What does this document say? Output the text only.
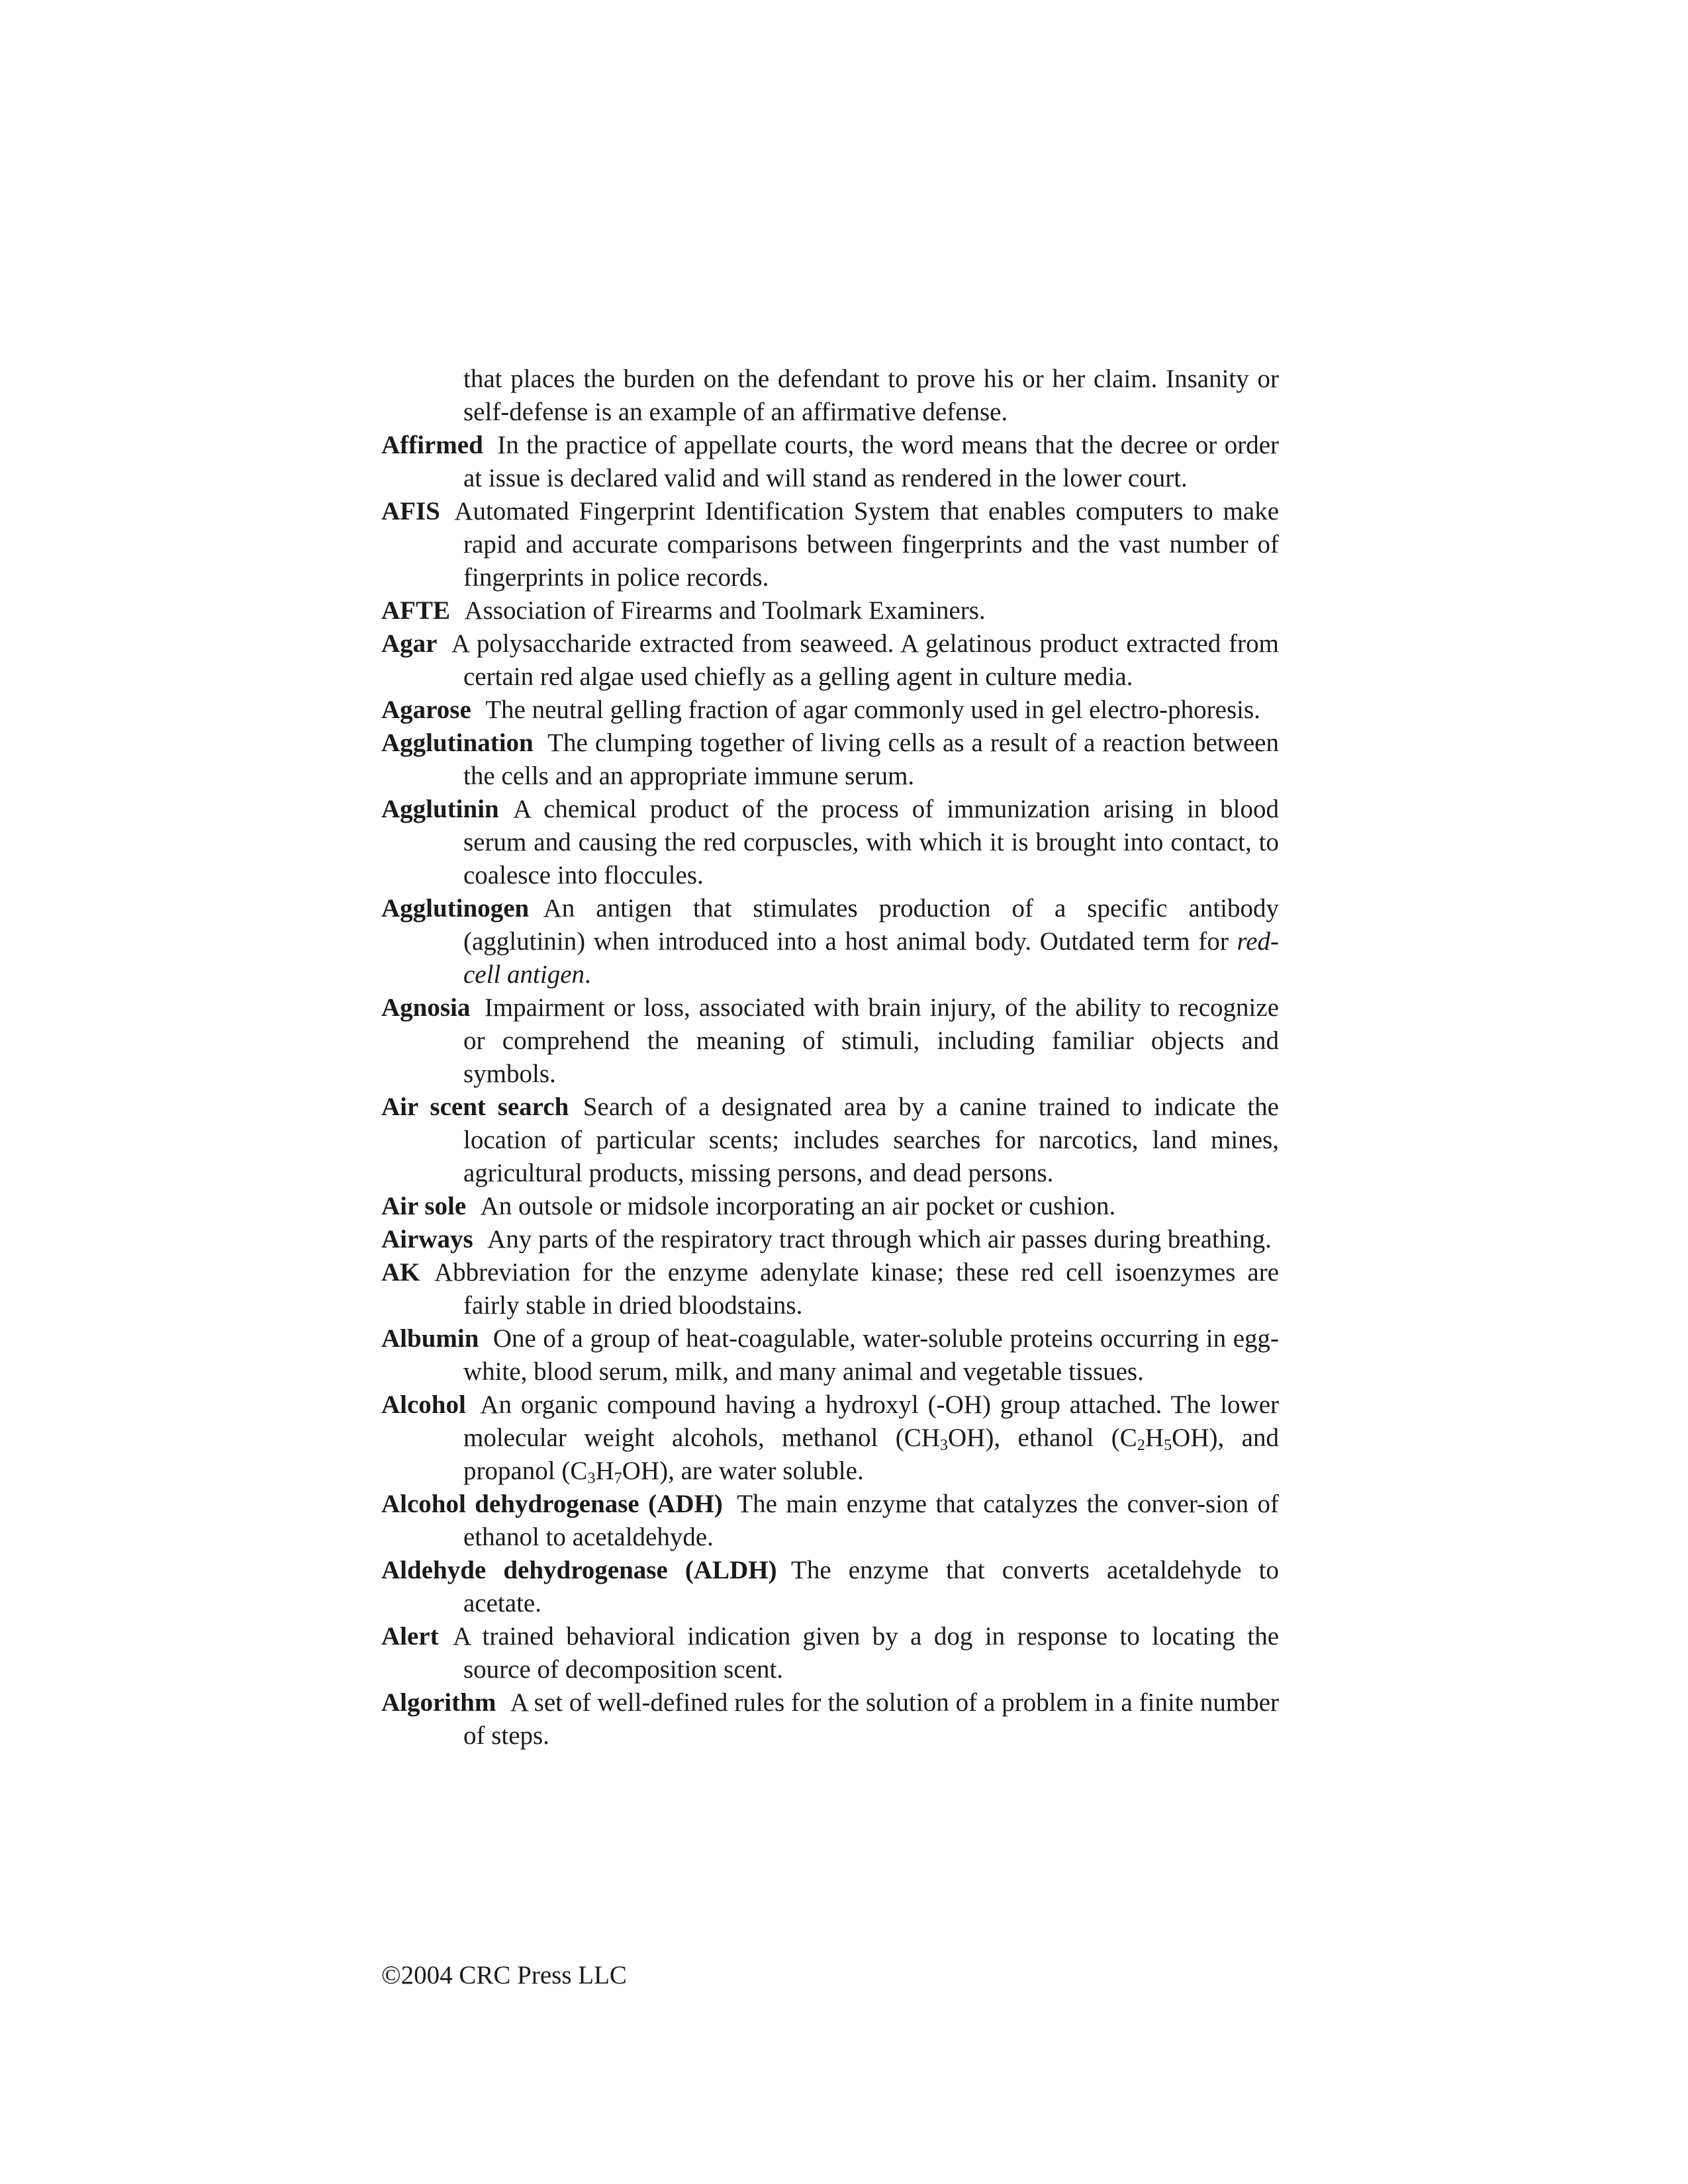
that places the burden on the defendant to prove his or her claim. Insanity or self-defense is an example of an affirmative defense.

Affirmed In the practice of appellate courts, the word means that the decree or order at issue is declared valid and will stand as rendered in the lower court.

AFIS Automated Fingerprint Identification System that enables computers to make rapid and accurate comparisons between fingerprints and the vast number of fingerprints in police records.

AFTE Association of Firearms and Toolmark Examiners.

Agar A polysaccharide extracted from seaweed. A gelatinous product extracted from certain red algae used chiefly as a gelling agent in culture media.

Agarose The neutral gelling fraction of agar commonly used in gel electro-phoresis.

Agglutination The clumping together of living cells as a result of a reaction between the cells and an appropriate immune serum.

Agglutinin A chemical product of the process of immunization arising in blood serum and causing the red corpuscles, with which it is brought into contact, to coalesce into floccules.

Agglutinogen An antigen that stimulates production of a specific antibody (agglutinin) when introduced into a host animal body. Outdated term for red-cell antigen.

Agnosia Impairment or loss, associated with brain injury, of the ability to recognize or comprehend the meaning of stimuli, including familiar objects and symbols.

Air scent search Search of a designated area by a canine trained to indicate the location of particular scents; includes searches for narcotics, land mines, agricultural products, missing persons, and dead persons.

Air sole An outsole or midsole incorporating an air pocket or cushion.

Airways Any parts of the respiratory tract through which air passes during breathing.

AK Abbreviation for the enzyme adenylate kinase; these red cell isoenzymes are fairly stable in dried bloodstains.

Albumin One of a group of heat-coagulable, water-soluble proteins occurring in egg-white, blood serum, milk, and many animal and vegetable tissues.

Alcohol An organic compound having a hydroxyl (-OH) group attached. The lower molecular weight alcohols, methanol $(CH_3OH)$, ethanol $(C_2H_5OH)$, and propanol $(C_3H_7OH)$, are water soluble.

Alcohol dehydrogenase (ADH) The main enzyme that catalyzes the conver-sion of ethanol to acetaldehyde.

Aldehyde dehydrogenase (ALDH) The enzyme that converts acetaldehyde to acetate.

Alert A trained behavioral indication given by a dog in response to locating the source of decomposition scent.

Algorithm A set of well-defined rules for the solution of a problem in a finite number of steps.

©2004 CRC Press LLC
